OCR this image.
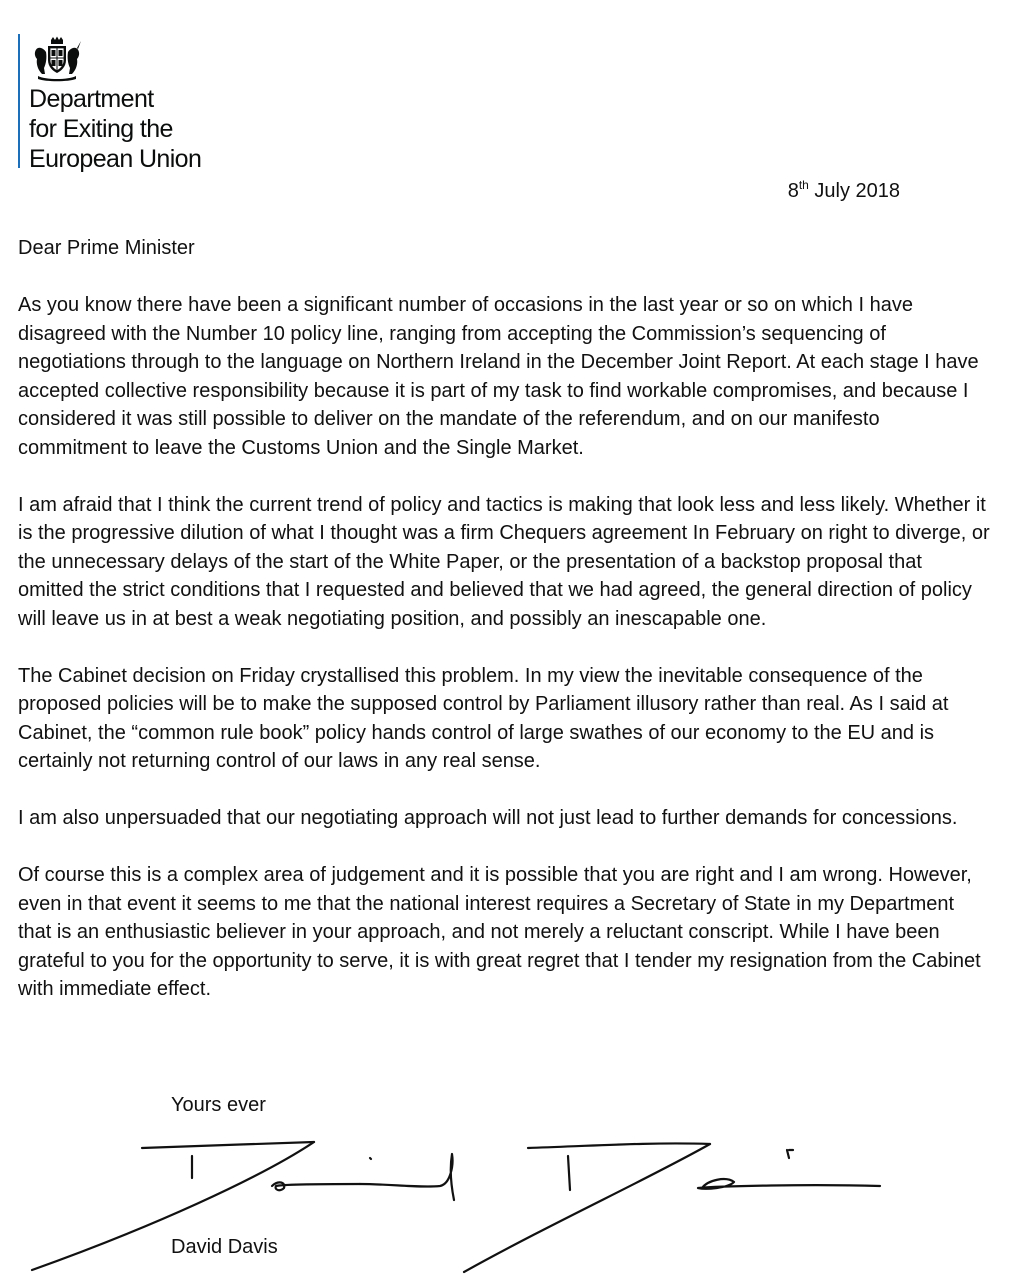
Department
for Exiting the
European Union
8th July 2018

Dear Prime Minister

As you know there have been a significant number of occasions in the last year or so on which I have disagreed with the Number 10 policy line, ranging from accepting the Commission’s sequencing of negotiations through to the language on Northern Ireland in the December Joint Report. At each stage I have accepted collective responsibility because it is part of my task to find workable compromises, and because I considered it was still possible to deliver on the mandate of the referendum, and on our manifesto commitment to leave the Customs Union and the Single Market.

I am afraid that I think the current trend of policy and tactics is making that look less and less likely. Whether it is the progressive dilution of what I thought was a firm Chequers agreement In February on right to diverge, or the unnecessary delays of the start of the White Paper, or the presentation of a backstop proposal that omitted the strict conditions that I requested and believed that we had agreed, the general direction of policy will leave us in at best a weak negotiating position, and possibly an inescapable one.

The Cabinet decision on Friday crystallised this problem. In my view the inevitable consequence of the proposed policies will be to make the supposed control by Parliament illusory rather than real. As I said at Cabinet, the “common rule book” policy hands control of large swathes of our economy to the EU and is certainly not returning control of our laws in any real sense.

I am also unpersuaded that our negotiating approach will not just lead to further demands for concessions.

Of course this is a complex area of judgement and it is possible that you are right and I am wrong. However, even in that event it seems to me that the national interest requires a Secretary of State in my Department that is an enthusiastic believer in your approach, and not merely a reluctant conscript. While I have been grateful to you for the opportunity to serve, it is with great regret that I tender my resignation from the Cabinet with immediate effect.

Yours ever
David Davis
